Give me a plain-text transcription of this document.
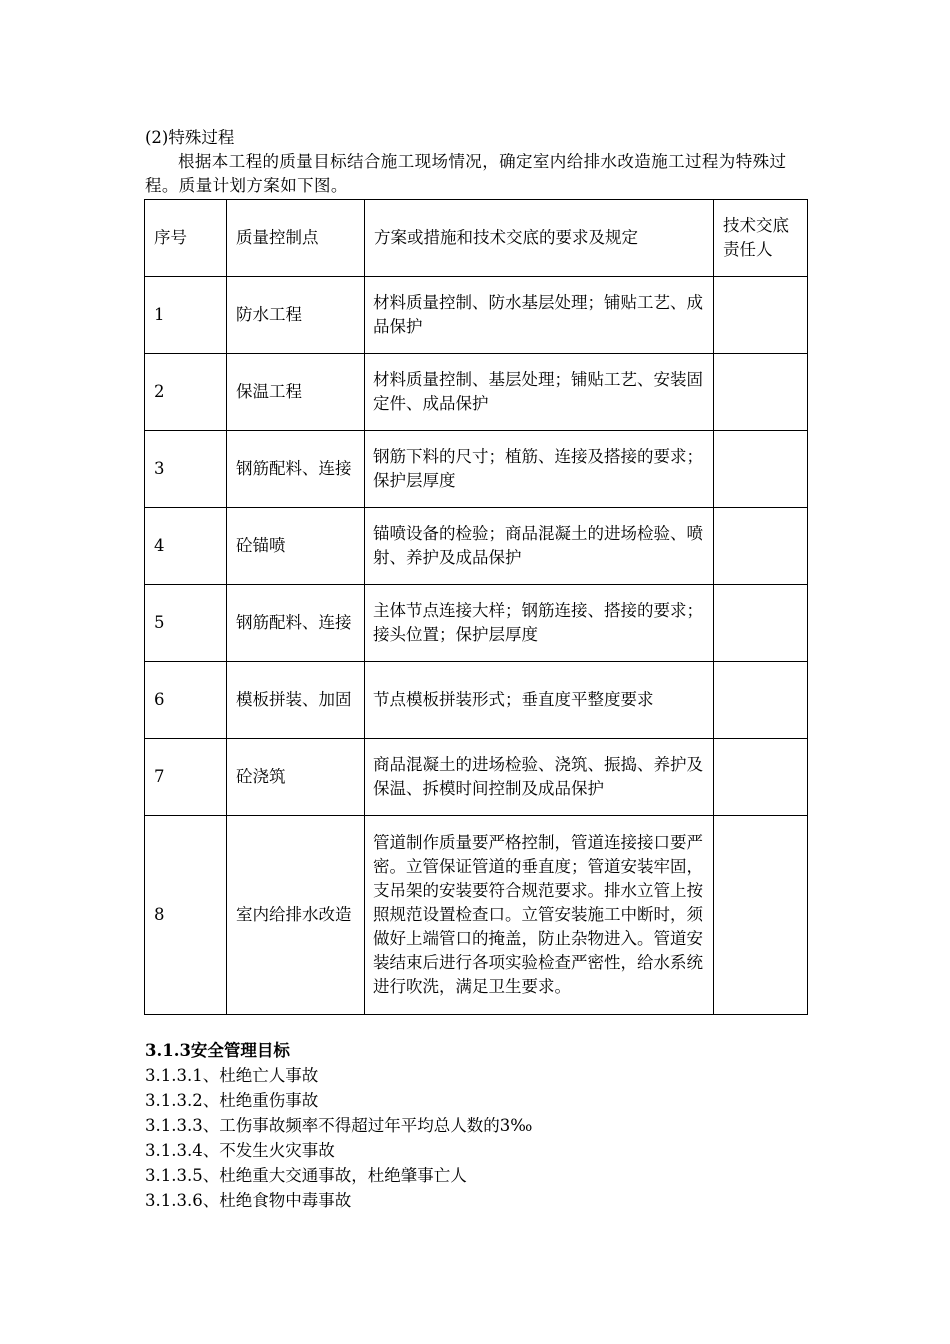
(2)特殊过程

根据本工程的质量目标结合施工现场情况，确定室内给排水改造施工过程为特殊过程。质量计划方案如下图。

序号	质量控制点	方案或措施和技术交底的要求及规定	技术交底责任人
1	防水工程	材料质量控制、防水基层处理；铺贴工艺、成品保护	
2	保温工程	材料质量控制、基层处理；铺贴工艺、安装固定件、成品保护	
3	钢筋配料、连接	钢筋下料的尺寸；植筋、连接及搭接的要求；保护层厚度	
4	砼锚喷	锚喷设备的检验；商品混凝土的进场检验、喷射、养护及成品保护	
5	钢筋配料、连接	主体节点连接大样；钢筋连接、搭接的要求；接头位置；保护层厚度	
6	模板拼装、加固	节点模板拼装形式；垂直度平整度要求	
7	砼浇筑	商品混凝土的进场检验、浇筑、振捣、养护及保温、拆模时间控制及成品保护	
8	室内给排水改造	管道制作质量要严格控制，管道连接接口要严密。立管保证管道的垂直度；管道安装牢固，支吊架的安装要符合规范要求。排水立管上按照规范设置检查口。立管安装施工中断时，须做好上端管口的掩盖，防止杂物进入。管道安装结束后进行各项实验检查严密性，给水系统进行吹洗，满足卫生要求。	
3.1.3安全管理目标
3.1.3.1、杜绝亡人事故
3.1.3.2、杜绝重伤事故
3.1.3.3、工伤事故频率不得超过年平均总人数的3‰
3.1.3.4、不发生火灾事故
3.1.3.5、杜绝重大交通事故，杜绝肇事亡人
3.1.3.6、杜绝食物中毒事故
